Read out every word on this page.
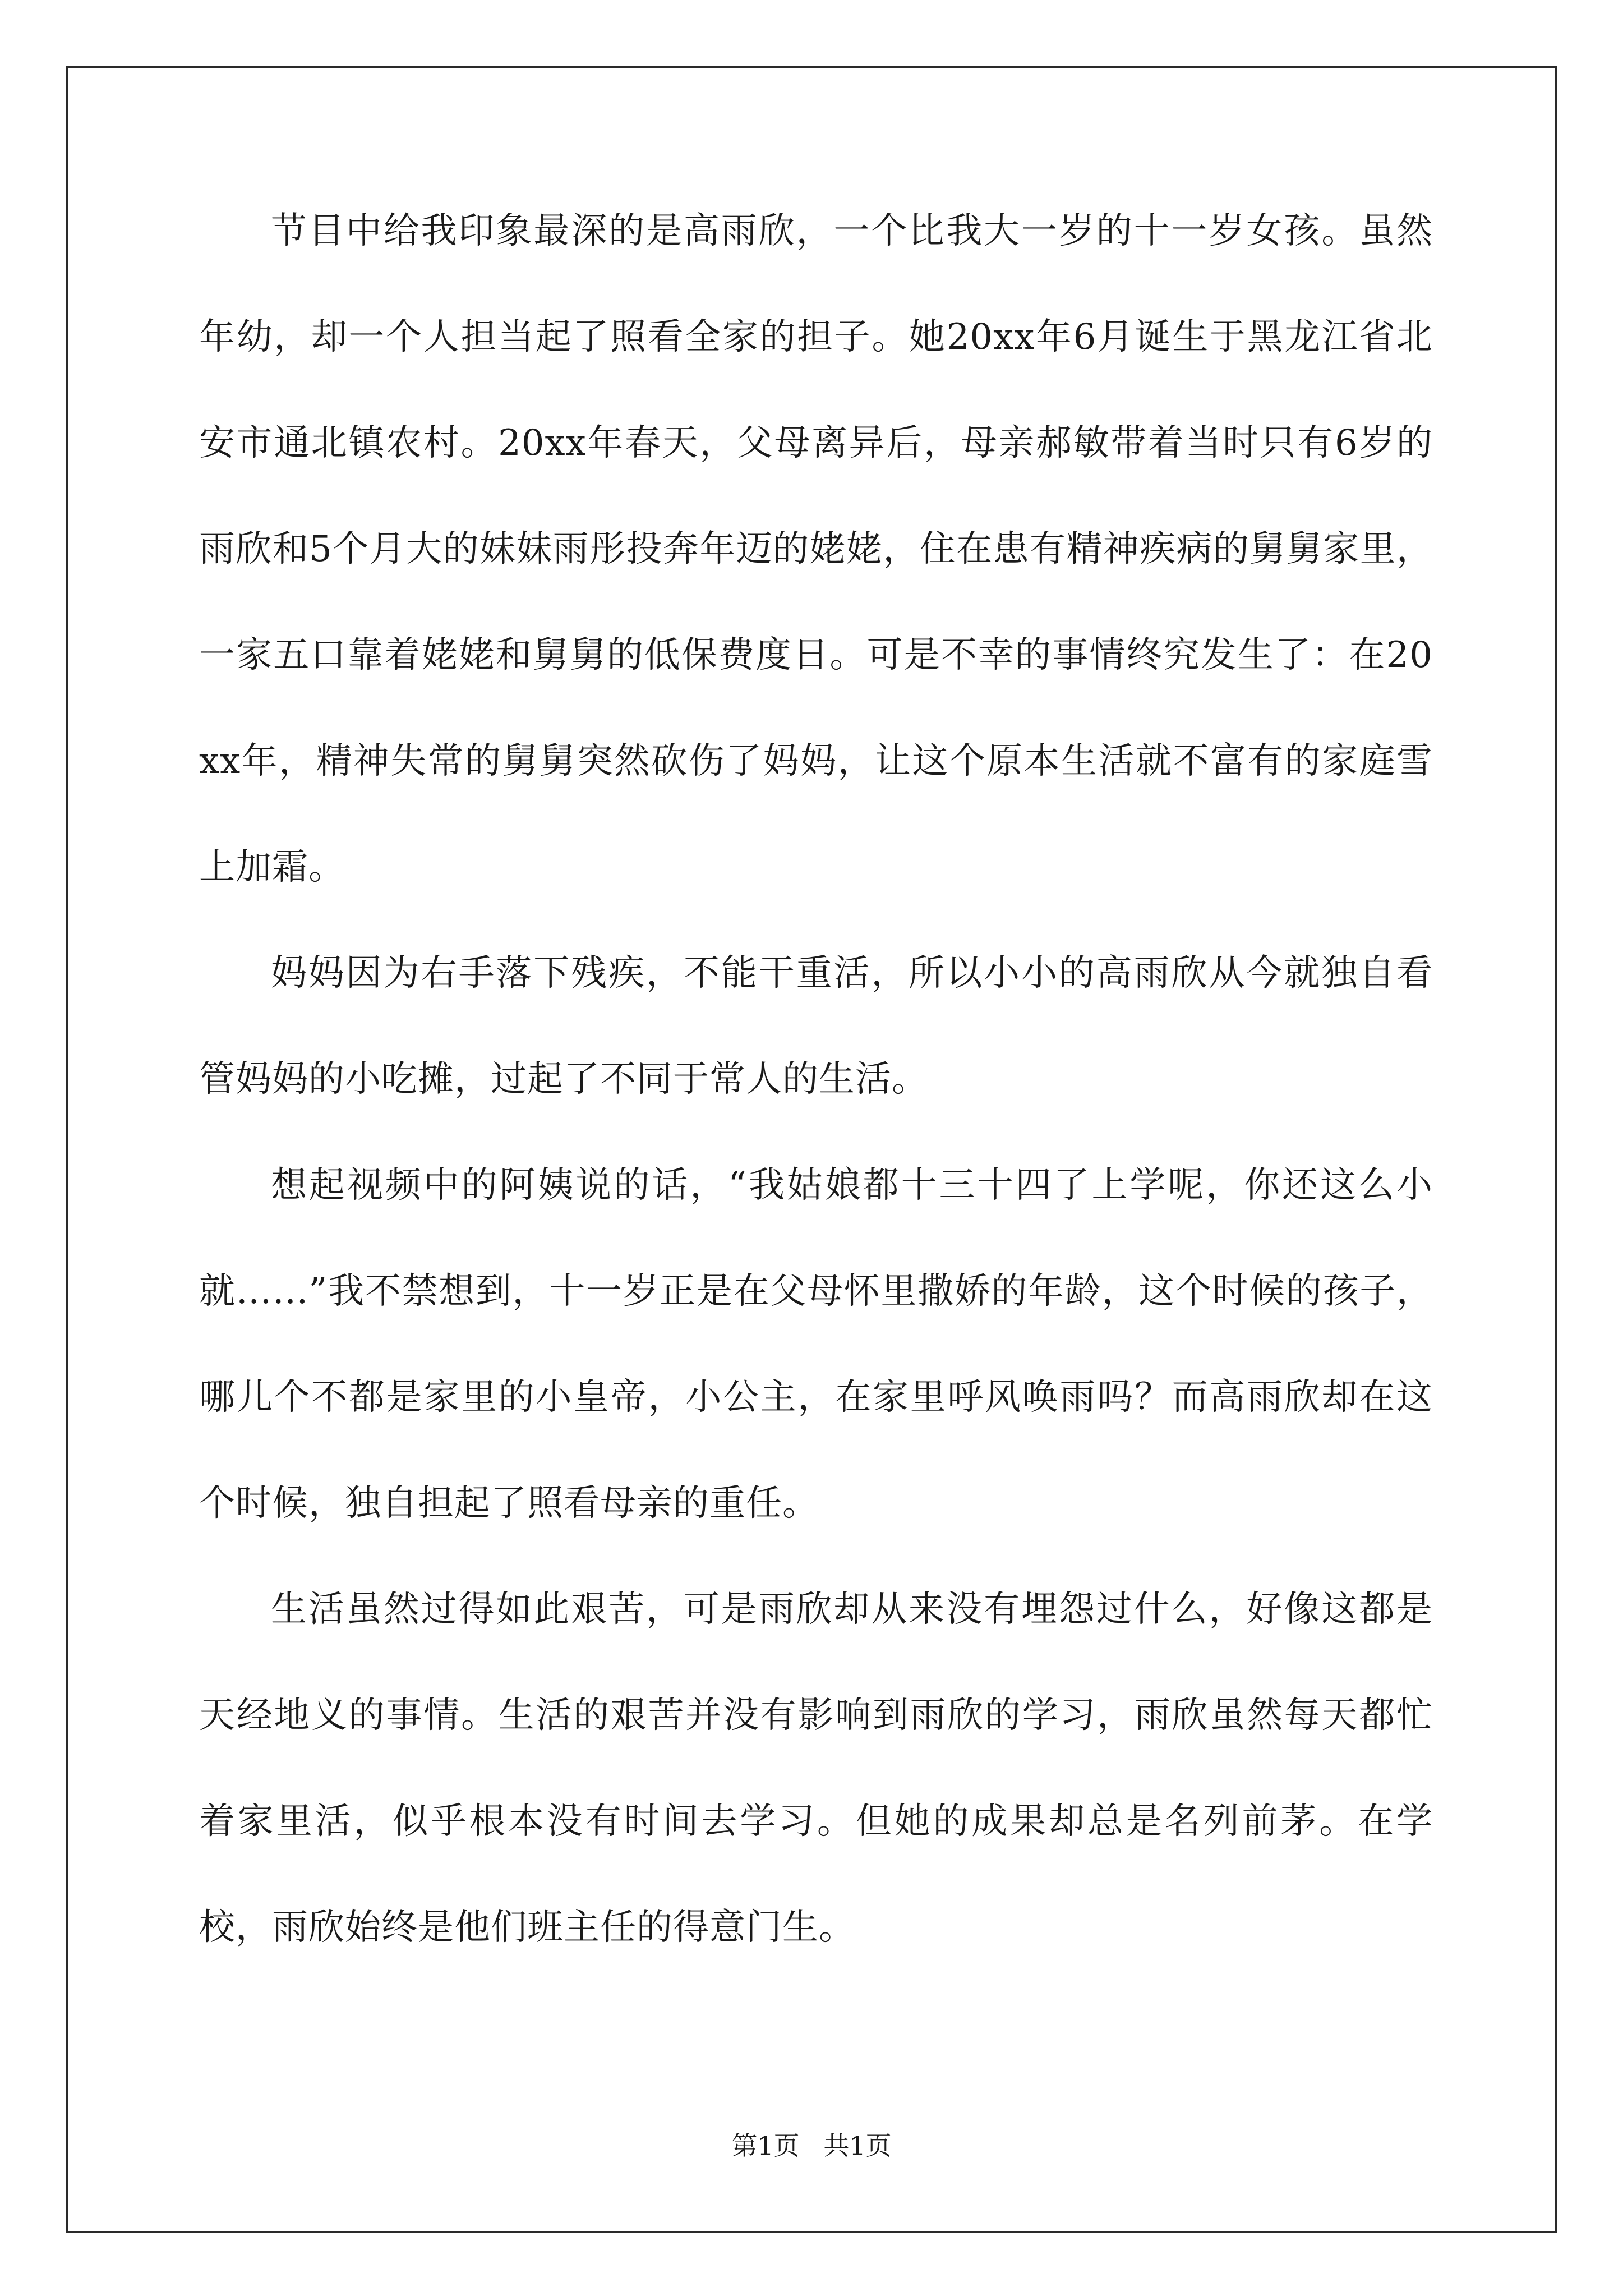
节目中给我印象最深的是高雨欣，一个比我大一岁的十一岁女孩。虽然年幼，却一个人担当起了照看全家的担子。她20xx年6月诞生于黑龙江省北安市通北镇农村。20xx年春天，父母离异后，母亲郝敏带着当时只有6岁的雨欣和5个月大的妹妹雨彤投奔年迈的姥姥，住在患有精神疾病的舅舅家里，一家五口靠着姥姥和舅舅的低保费度日。可是不幸的事情终究发生了：在20xx年，精神失常的舅舅突然砍伤了妈妈，让这个原本生活就不富有的家庭雪上加霜。

妈妈因为右手落下残疾，不能干重活，所以小小的高雨欣从今就独自看管妈妈的小吃摊，过起了不同于常人的生活。

想起视频中的阿姨说的话，“我姑娘都十三十四了上学呢，你还这么小就……”我不禁想到，十一岁正是在父母怀里撒娇的年龄，这个时候的孩子，哪儿个不都是家里的小皇帝，小公主，在家里呼风唤雨吗？而高雨欣却在这个时候，独自担起了照看母亲的重任。

生活虽然过得如此艰苦，可是雨欣却从来没有埋怨过什么，好像这都是天经地义的事情。生活的艰苦并没有影响到雨欣的学习，雨欣虽然每天都忙着家里活，似乎根本没有时间去学习。但她的成果却总是名列前茅。在学校，雨欣始终是他们班主任的得意门生。

第1页 共1页
